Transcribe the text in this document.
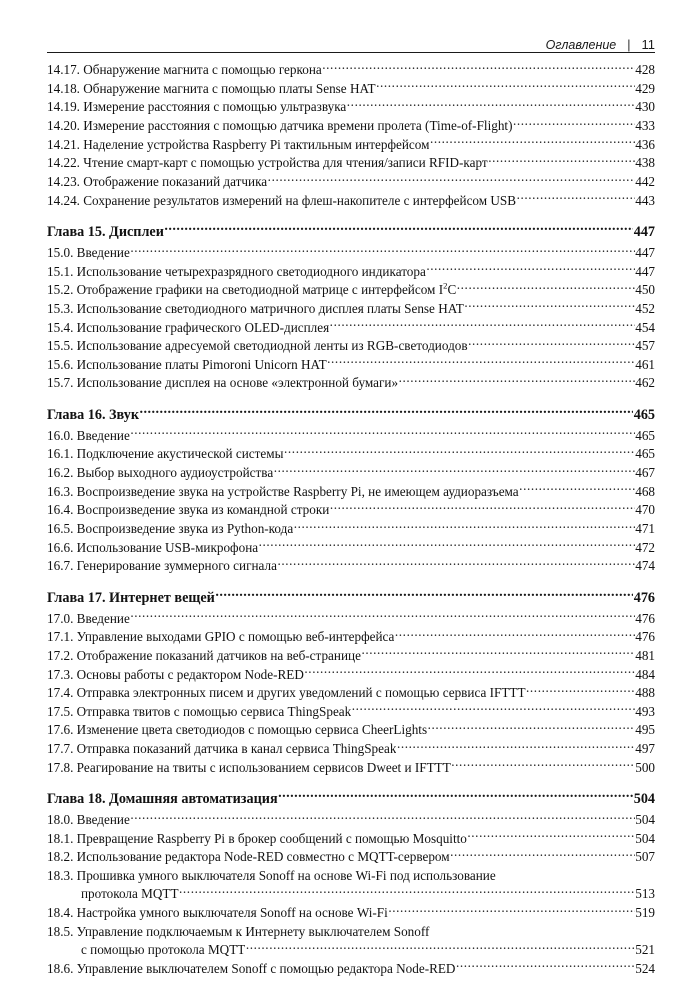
Оглавление | 11
14.17. Обнаружение магнита с помощью геркона .....	428
14.18. Обнаружение магнита с помощью платы Sense HAT .....	429
14.19. Измерение расстояния с помощью ультразвука .....	430
14.20. Измерение расстояния с помощью датчика времени пролета (Time-of-Flight) .....	433
14.21. Наделение устройства Raspberry Pi тактильным интерфейсом .....	436
14.22. Чтение смарт-карт с помощью устройства для чтения/записи RFID-карт .....	438
14.23. Отображение показаний датчика .....	442
14.24. Сохранение результатов измерений на флеш-накопителе с интерфейсом USB .....	443
Глава 15. Дисплеи .....	447
15.0. Введение .....	447
15.1. Использование четырехразрядного светодиодного индикатора .....	447
15.2. Отображение графики на светодиодной матрице с интерфейсом $I^2C$ .....	450
15.3. Использование светодиодного матричного дисплея платы Sense HAT .....	452
15.4. Использование графического OLED-дисплея .....	454
15.5. Использование адресуемой светодиодной ленты из RGB-светодиодов .....	457
15.6. Использование платы Pimoroni Unicorn HAT .....	461
15.7. Использование дисплея на основе «электронной бумаги» .....	462
Глава 16. Звук .....	465
16.0. Введение .....	465
16.1. Подключение акустической системы .....	465
16.2. Выбор выходного аудиоустройства .....	467
16.3. Воспроизведение звука на устройстве Raspberry Pi, не имеющем аудиоразъема .....	468
16.4. Воспроизведение звука из командной строки .....	470
16.5. Воспроизведение звука из Python-кода .....	471
16.6. Использование USB-микрофона .....	472
16.7. Генерирование зуммерного сигнала .....	474
Глава 17. Интернет вещей .....	476
17.0. Введение .....	476
17.1. Управление выходами GPIO с помощью веб-интерфейса .....	476
17.2. Отображение показаний датчиков на веб-странице .....	481
17.3. Основы работы с редактором Node-RED .....	484
17.4. Отправка электронных писем и других уведомлений с помощью сервиса IFTTT .....	488
17.5. Отправка твитов с помощью сервиса ThingSpeak .....	493
17.6. Изменение цвета светодиодов с помощью сервиса CheerLights .....	495
17.7. Отправка показаний датчика в канал сервиса ThingSpeak .....	497
17.8. Реагирование на твиты с использованием сервисов Dweet и IFTTT .....	500
Глава 18. Домашняя автоматизация .....	504
18.0. Введение .....	504
18.1. Превращение Raspberry Pi в брокер сообщений с помощью Mosquitto .....	504
18.2. Использование редактора Node-RED совместно с MQTT-сервером .....	507
18.3. Прошивка умного выключателя Sonoff на основе Wi-Fi под использование
протокола MQTT .....	513
18.4. Настройка умного выключателя Sonoff на основе Wi-Fi .....	519
18.5. Управление подключаемым к Интернету выключателем Sonoff
с помощью протокола MQTT .....	521
18.6. Управление выключателем Sonoff с помощью редактора Node-RED .....	524
